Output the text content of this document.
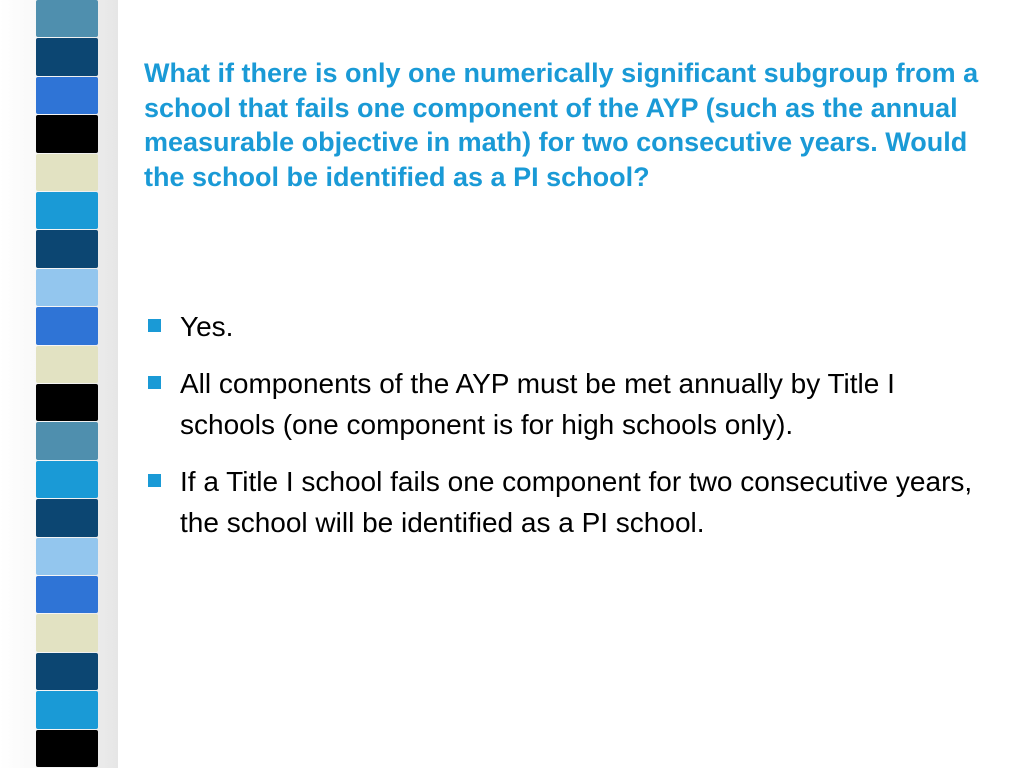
What if there is only one numerically significant subgroup from a school that fails one component of the AYP (such as the annual measurable objective in math) for two consecutive years. Would the school be identified as a PI school?
Yes.
All components of the AYP must be met annually by Title I schools (one component is for high schools only).
If a Title I school fails one component for two consecutive years, the school will be identified as a PI school.
